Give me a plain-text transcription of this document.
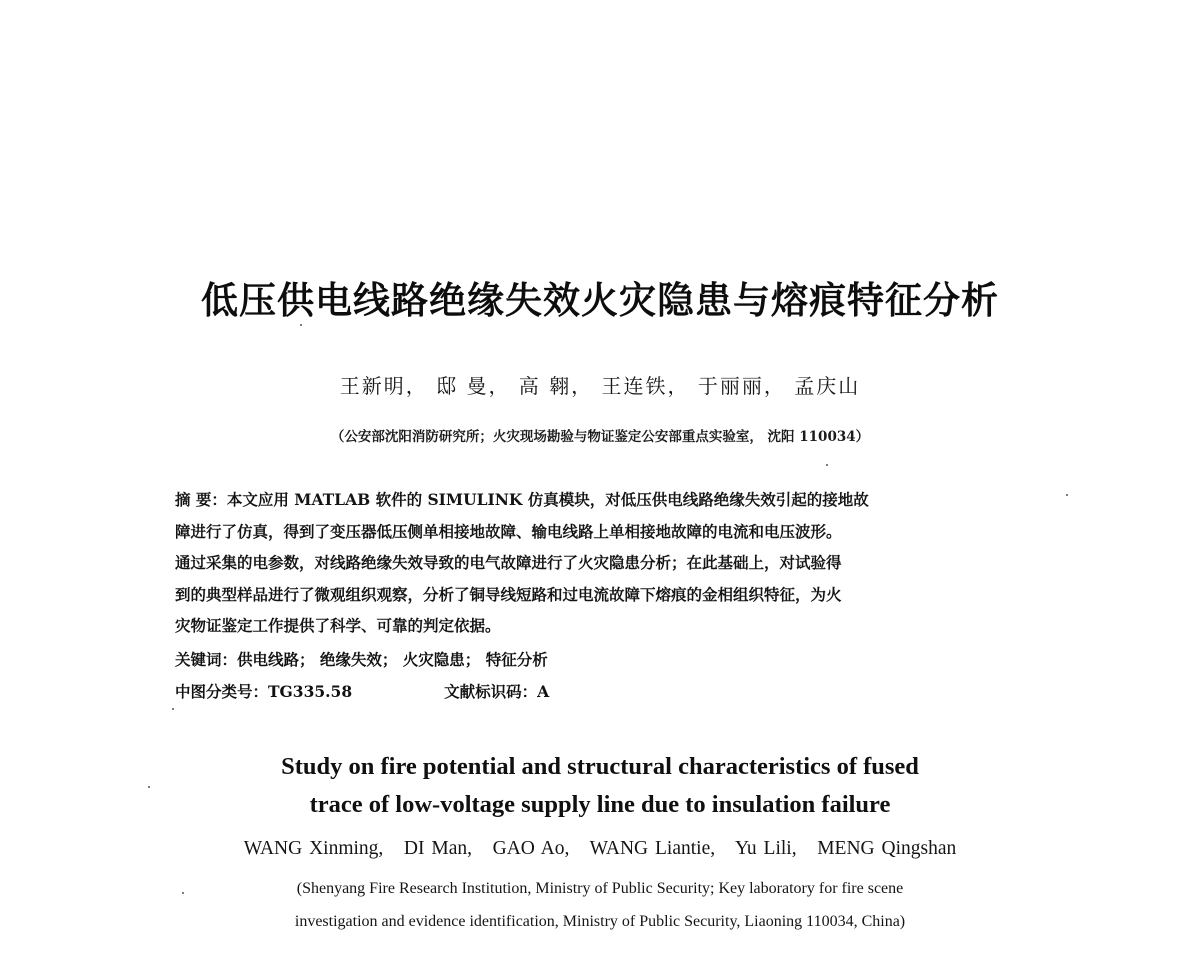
低压供电线路绝缘失效火灾隐患与熔痕特征分析
王新明， 邸 曼， 高 翱， 王连铁， 于丽丽， 孟庆山
（公安部沈阳消防研究所；火灾现场勘验与物证鉴定公安部重点实验室， 沈阳 110034）
摘 要：本文应用 MATLAB 软件的 SIMULINK 仿真模块，对低压供电线路绝缘失效引起的接地故
障进行了仿真，得到了变压器低压侧单相接地故障、输电线路上单相接地故障的电流和电压波形。
通过采集的电参数，对线路绝缘失效导致的电气故障进行了火灾隐患分析；在此基础上，对试验得
到的典型样品进行了微观组织观察，分析了铜导线短路和过电流故障下熔痕的金相组织特征，为火
灾物证鉴定工作提供了科学、可靠的判定依据。
关键词：供电线路； 绝缘失效； 火灾隐患； 特征分析
中图分类号：TG335.58	文献标识码：A
Study on fire potential and structural characteristics of fused
trace of low-voltage supply line due to insulation failure
WANG Xinming,   DI Man,   GAO Ao,   WANG Liantie,   Yu Lili,   MENG Qingshan
(Shenyang Fire Research Institution, Ministry of Public Security; Key laboratory for fire scene
investigation and evidence identification, Ministry of Public Security, Liaoning 110034, China)
